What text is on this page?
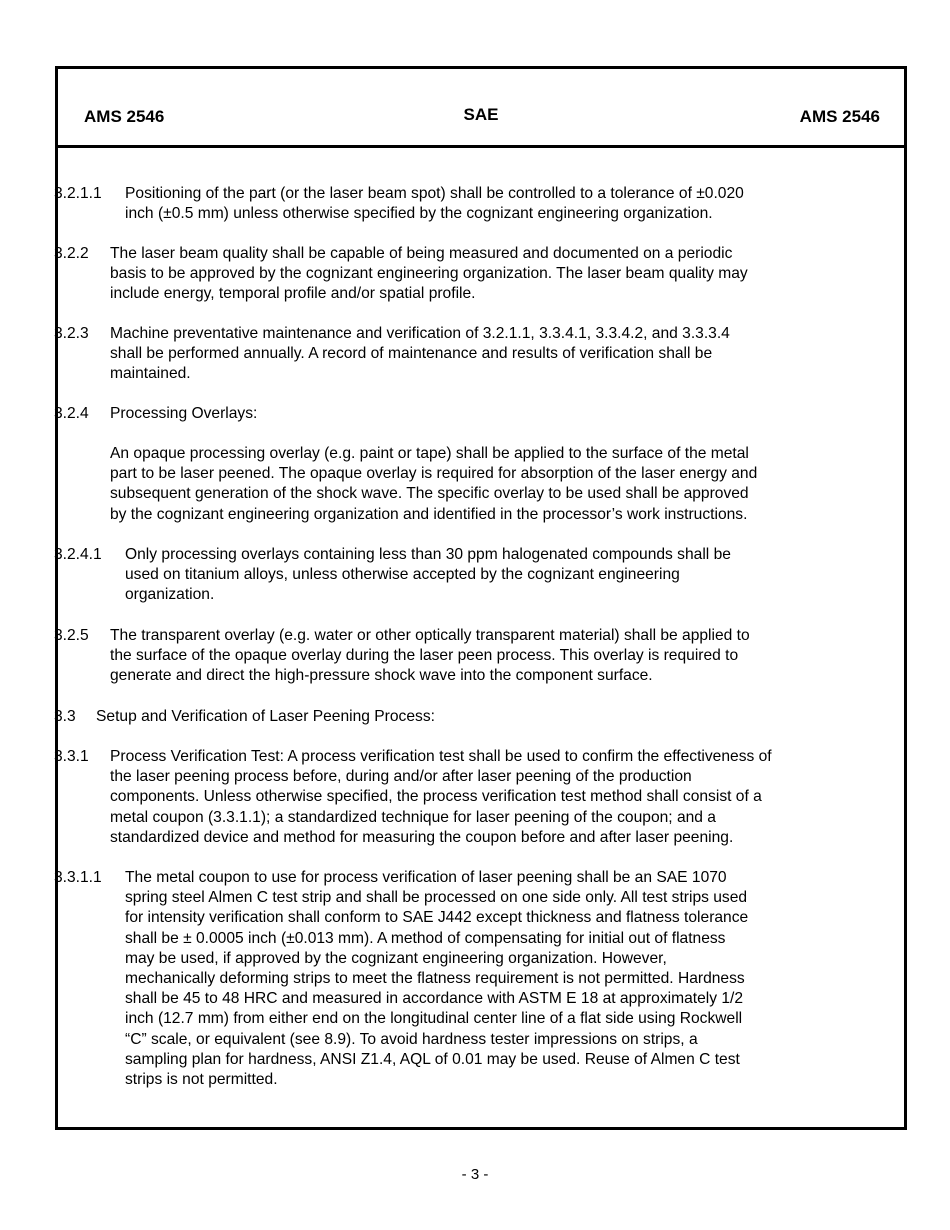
AMS 2546	SAE	AMS 2546
3.2.1.1 Positioning of the part (or the laser beam spot) shall be controlled to a tolerance of ±0.020
inch (±0.5 mm) unless otherwise specified by the cognizant engineering organization.
3.2.2 The laser beam quality shall be capable of being measured and documented on a periodic
basis to be approved by the cognizant engineering organization. The laser beam quality may
include energy, temporal profile and/or spatial profile.
3.2.3 Machine preventative maintenance and verification of 3.2.1.1, 3.3.4.1, 3.3.4.2, and 3.3.3.4
shall be performed annually. A record of maintenance and results of verification shall be
maintained.
3.2.4 Processing Overlays:
An opaque processing overlay (e.g. paint or tape) shall be applied to the surface of the metal
part to be laser peened. The opaque overlay is required for absorption of the laser energy and
subsequent generation of the shock wave. The specific overlay to be used shall be approved
by the cognizant engineering organization and identified in the processor’s work instructions.
3.2.4.1 Only processing overlays containing less than 30 ppm halogenated compounds shall be
used on titanium alloys, unless otherwise accepted by the cognizant engineering
organization.
3.2.5 The transparent overlay (e.g. water or other optically transparent material) shall be applied to
the surface of the opaque overlay during the laser peen process. This overlay is required to
generate and direct the high-pressure shock wave into the component surface.
3.3 Setup and Verification of Laser Peening Process:
3.3.1 Process Verification Test: A process verification test shall be used to confirm the effectiveness of
the laser peening process before, during and/or after laser peening of the production
components. Unless otherwise specified, the process verification test method shall consist of a
metal coupon (3.3.1.1); a standardized technique for laser peening of the coupon; and a
standardized device and method for measuring the coupon before and after laser peening.
3.3.1.1 The metal coupon to use for process verification of laser peening shall be an SAE 1070
spring steel Almen C test strip and shall be processed on one side only. All test strips used
for intensity verification shall conform to SAE J442 except thickness and flatness tolerance
shall be ± 0.0005 inch (±0.013 mm). A method of compensating for initial out of flatness
may be used, if approved by the cognizant engineering organization. However,
mechanically deforming strips to meet the flatness requirement is not permitted. Hardness
shall be 45 to 48 HRC and measured in accordance with ASTM E 18 at approximately 1/2
inch (12.7 mm) from either end on the longitudinal center line of a flat side using Rockwell
“C” scale, or equivalent (see 8.9). To avoid hardness tester impressions on strips, a
sampling plan for hardness, ANSI Z1.4, AQL of 0.01 may be used. Reuse of Almen C test
strips is not permitted.
- 3 -
